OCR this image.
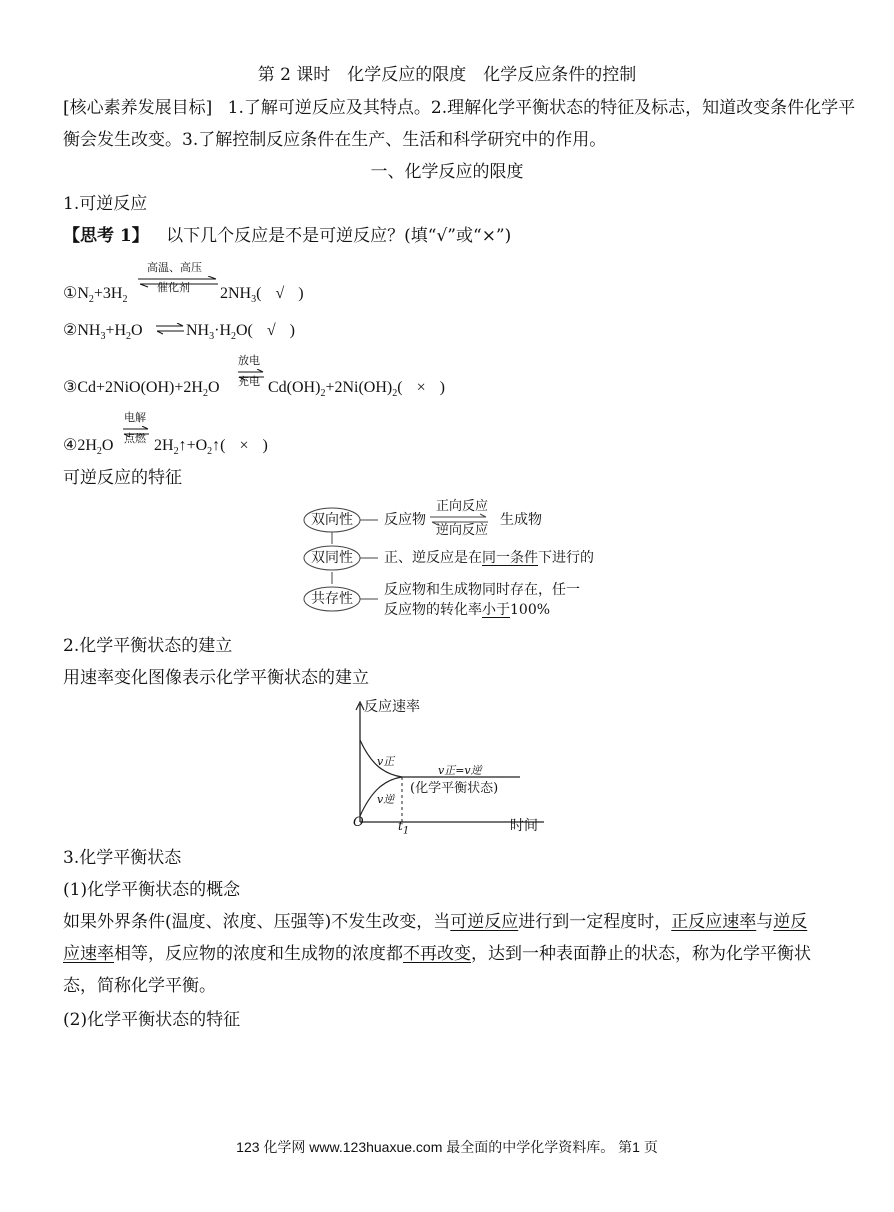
第 2 课时　化学反应的限度　化学反应条件的控制
[核心素养发展目标] 1.了解可逆反应及其特点。2.理解化学平衡状态的特征及标志，知道改变条件化学平
衡会发生改变。3.了解控制反应条件在生产、生活和科学研究中的作用。
一、化学反应的限度
1.可逆反应
【思考 1】 以下几个反应是不是可逆反应？(填“√”或“×”)
高温、高压
催化剂
$①N_2+3H_2$	$2NH_3$( √ )
$②NH_3+H_2O$	$NH_3\cdot H_2O$( √ )
放电
充电
$③Cd+2NiO(OH)+2H_2O$	$Cd(OH)_2+2Ni(OH)_2$( × )
电解
点燃
$④2H_2O$	$2H_2↑+O_2↑$( × )
可逆反应的特征
双向性 反应物
正向反应
逆向反应
生成物
双同性 正、逆反应是在同一条件下进行的
共存性
反应物和生成物同时存在，任一
反应物的转化率小于100%
2.化学平衡状态的建立
用速率变化图像表示化学平衡状态的建立
反应速率
v正
v逆
v正=v逆
(化学平衡状态)
O	$t_1$	时间
3.化学平衡状态
(1)化学平衡状态的概念
如果外界条件(温度、浓度、压强等)不发生改变，当可逆反应进行到一定程度时，正反应速率与逆反
应速率相等，反应物的浓度和生成物的浓度都不再改变，达到一种表面静止的状态，称为化学平衡状
态，简称化学平衡。
(2)化学平衡状态的特征
123 化学网 www.123huaxue.com 最全面的中学化学资料库。 第1 页
